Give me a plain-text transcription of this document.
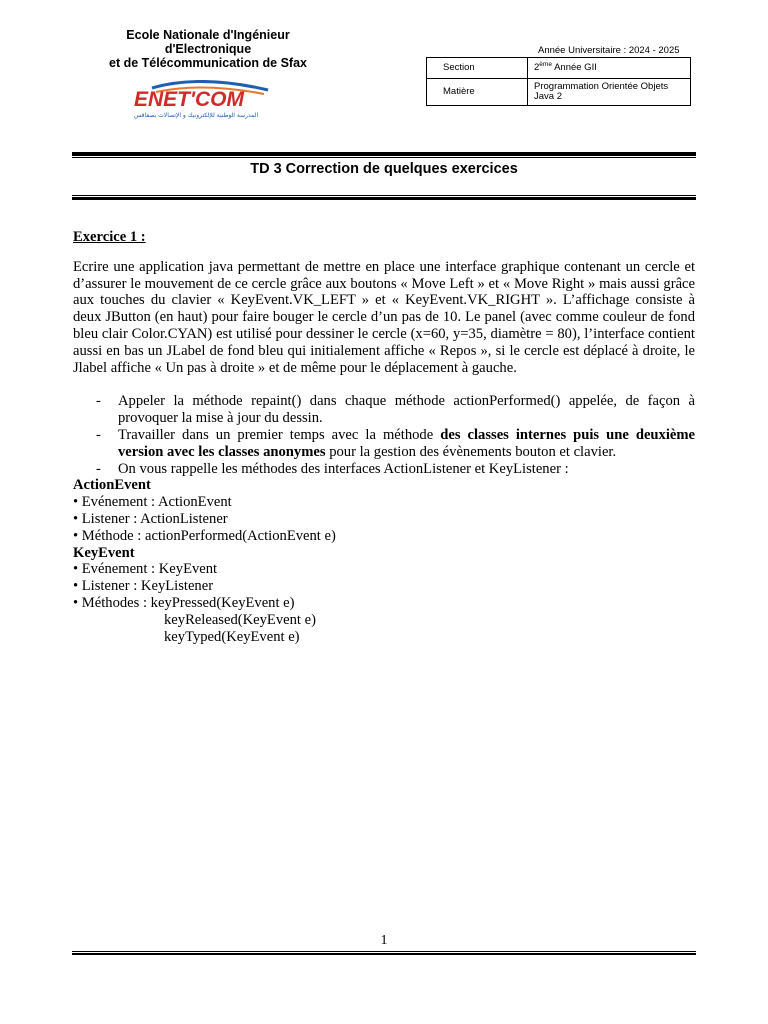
Ecole Nationale d'Ingénieur
d'Electronique
et de Télécommunication de Sfax
ENET'COM
المدرسة الوطنية للإلكترونيك و الإتصالات بصفاقس
Année Universitaire : 2024 - 2025
Section	2ème Année GII
Matière	Programmation Orientée Objets
Java 2
TD 3 Correction de quelques exercices

Exercice 1 :

Ecrire une application java permettant de mettre en place une interface graphique contenant un cercle et d’assurer le mouvement de ce cercle grâce aux boutons « Move Left » et « Move Right » mais aussi grâce aux touches du clavier « KeyEvent.VK_LEFT » et « KeyEvent.VK_RIGHT ». L’affichage consiste à deux JButton (en haut) pour faire bouger le cercle d’un pas de 10. Le panel (avec comme couleur de fond bleu clair Color.CYAN) est utilisé pour dessiner le cercle (x=60, y=35, diamètre = 80), l’interface contient aussi en bas un JLabel de fond bleu qui initialement affiche « Repos », si le cercle est déplacé à droite, le Jlabel affiche « Un pas à droite » et de même pour le déplacement à gauche.

- Appeler la méthode repaint() dans chaque méthode actionPerformed() appelée, de façon à provoquer la mise à jour du dessin.
- Travailler dans un premier temps avec la méthode des classes internes puis une deuxième version avec les classes anonymes pour la gestion des évènements bouton et clavier.
- On vous rappelle les méthodes des interfaces ActionListener et KeyListener :

ActionEvent

• Evénement : ActionEvent

• Listener : ActionListener

• Méthode : actionPerformed(ActionEvent e)

KeyEvent

• Evénement : KeyEvent

• Listener : KeyListener

• Méthodes : keyPressed(KeyEvent e)

keyReleased(KeyEvent e)

keyTyped(KeyEvent e)

1
